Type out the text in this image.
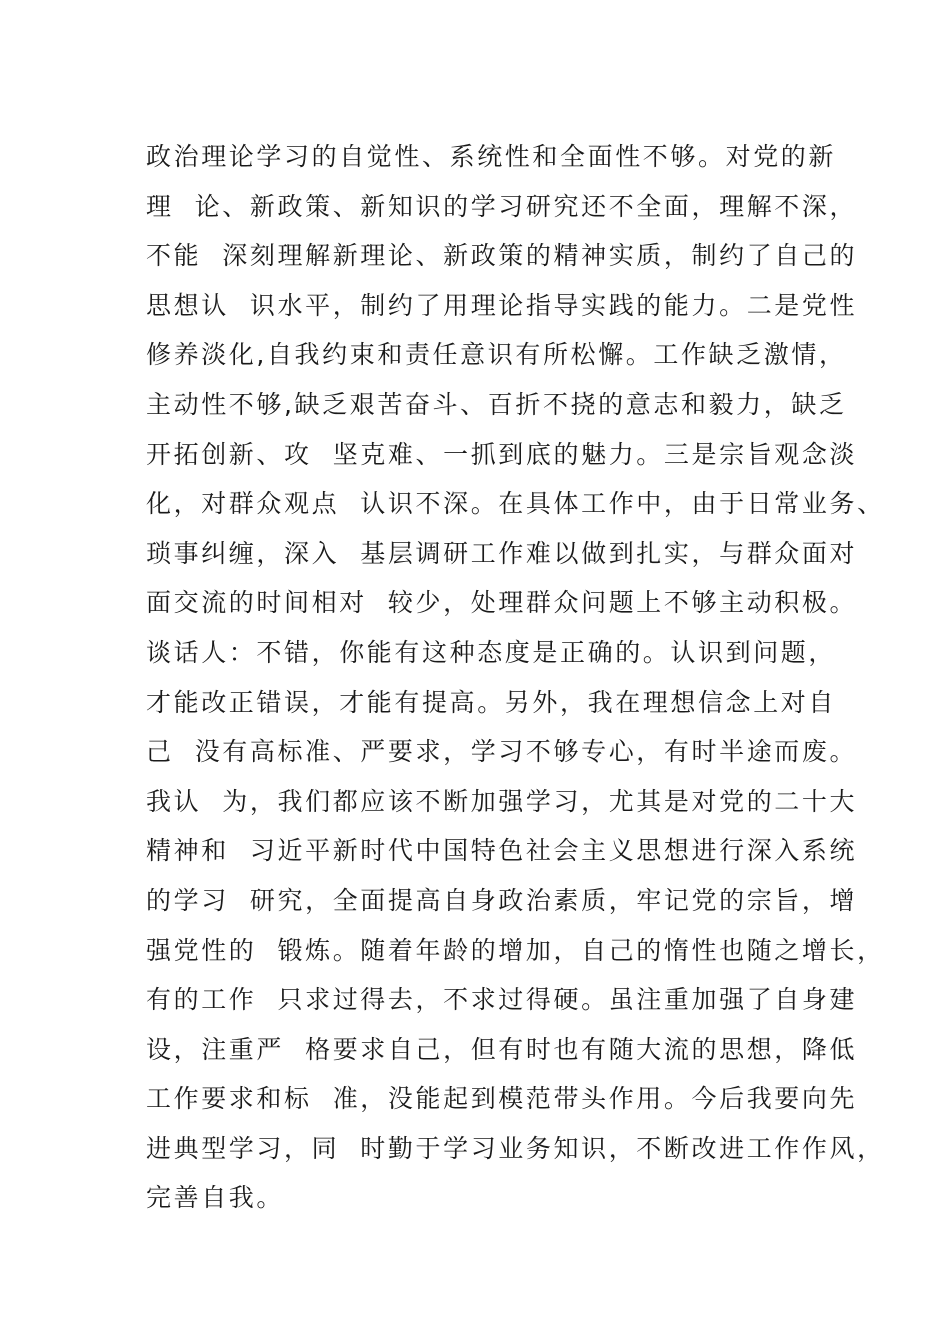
政治理论学习的自觉性、系统性和全面性不够。对党的新
理  论、新政策、新知识的学习研究还不全面，理解不深，
不能  深刻理解新理论、新政策的精神实质，制约了自己的
思想认  识水平，制约了用理论指导实践的能力。二是党性
修养淡化,自我约束和责任意识有所松懈。工作缺乏激情，
主动性不够,缺乏艰苦奋斗、百折不挠的意志和毅力，缺乏
开拓创新、攻  坚克难、一抓到底的魅力。三是宗旨观念淡
化，对群众观点  认识不深。在具体工作中，由于日常业务、
琐事纠缠，深入  基层调研工作难以做到扎实，与群众面对
面交流的时间相对  较少，处理群众问题上不够主动积极。
谈话人：不错，你能有这种态度是正确的。认识到问题，
才能改正错误，才能有提高。另外，我在理想信念上对自
己  没有高标准、严要求，学习不够专心，有时半途而废。
我认  为，我们都应该不断加强学习，尤其是对党的二十大
精神和  习近平新时代中国特色社会主义思想进行深入系统
的学习  研究，全面提高自身政治素质，牢记党的宗旨，增
强党性的  锻炼。随着年龄的增加，自己的惰性也随之增长，
有的工作  只求过得去，不求过得硬。虽注重加强了自身建
设，注重严  格要求自己，但有时也有随大流的思想，降低
工作要求和标  准，没能起到模范带头作用。今后我要向先
进典型学习，同  时勤于学习业务知识，不断改进工作作风，
完善自我。
